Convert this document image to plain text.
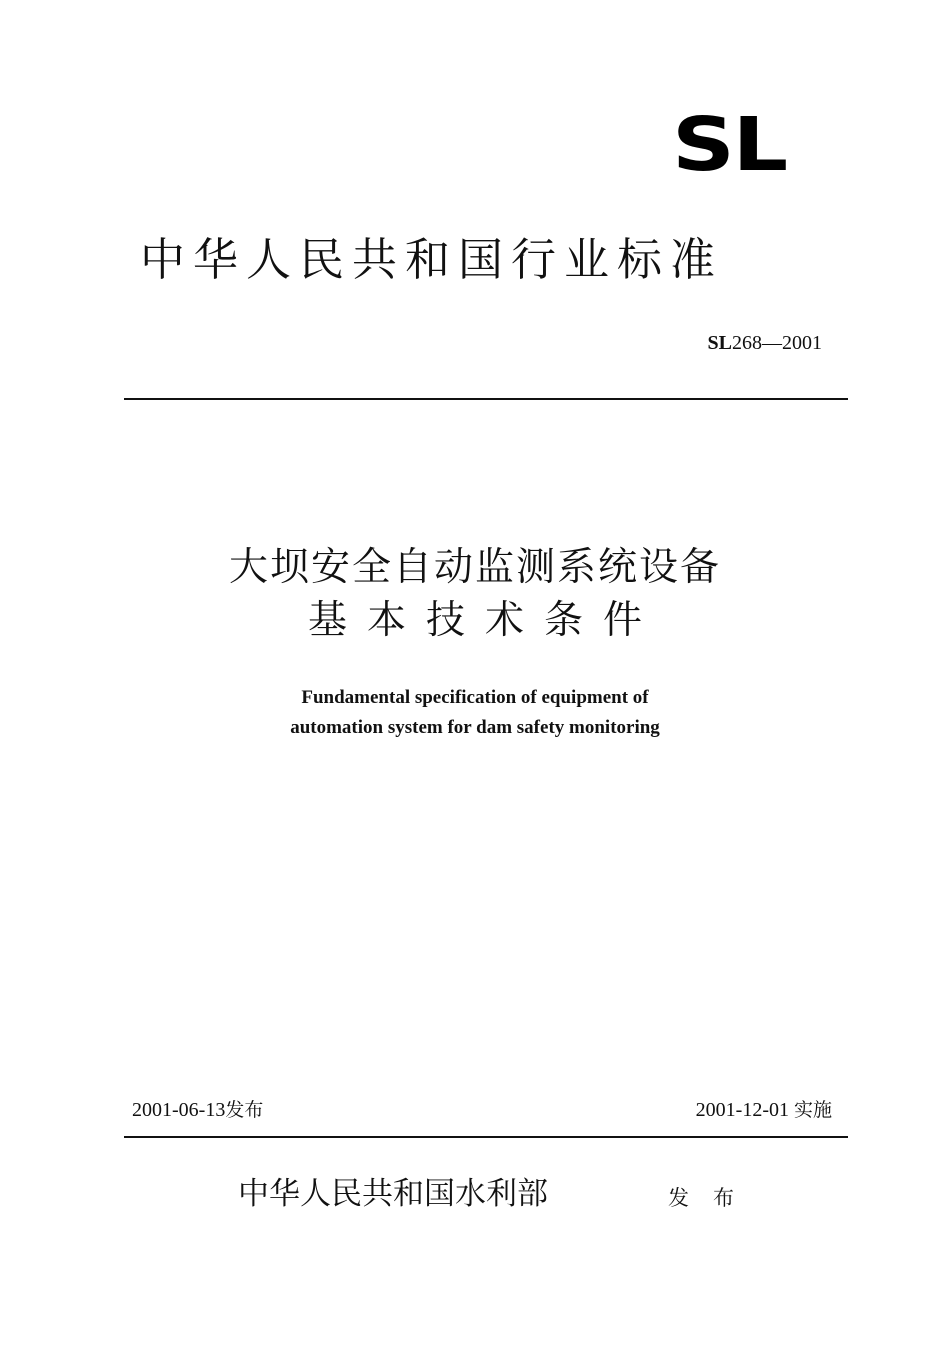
SL
中华人民共和国行业标准
SL268—2001
大坝安全自动监测系统设备
基本技术条件
Fundamental specification of equipment of
automation system for dam safety monitoring
2001-06-13发布	2001-12-01 实施
中华人民共和国水利部	发布
